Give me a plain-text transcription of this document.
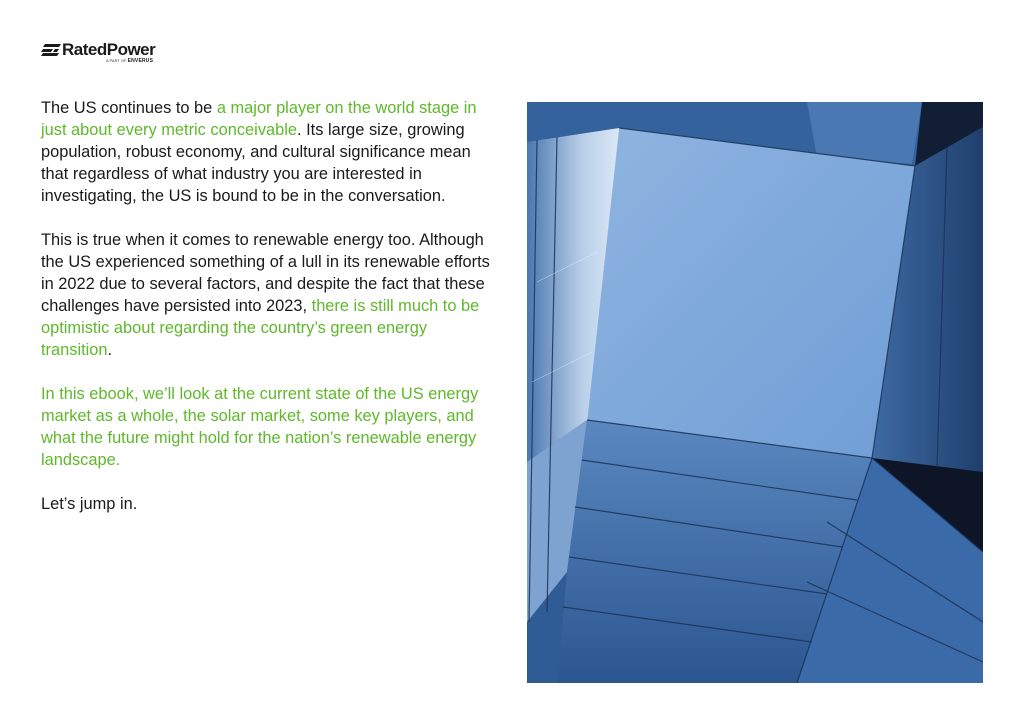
RatedPower
A PART OF ENVERUS

The US continues to be a major player on the world stage in just about every metric conceivable. Its large size, growing population, robust economy, and cultural significance mean that regardless of what industry you are interested in investigating, the US is bound to be in the conversation.

This is true when it comes to renewable energy too. Although the US experienced something of a lull in its renewable efforts in 2022 due to several factors, and despite the fact that these challenges have persisted into 2023, there is still much to be optimistic about regarding the country’s green energy transition.

In this ebook, we’ll look at the current state of the US energy market as a whole, the solar market, some key players, and what the future might hold for the nation’s renewable energy landscape.

Let’s jump in.
